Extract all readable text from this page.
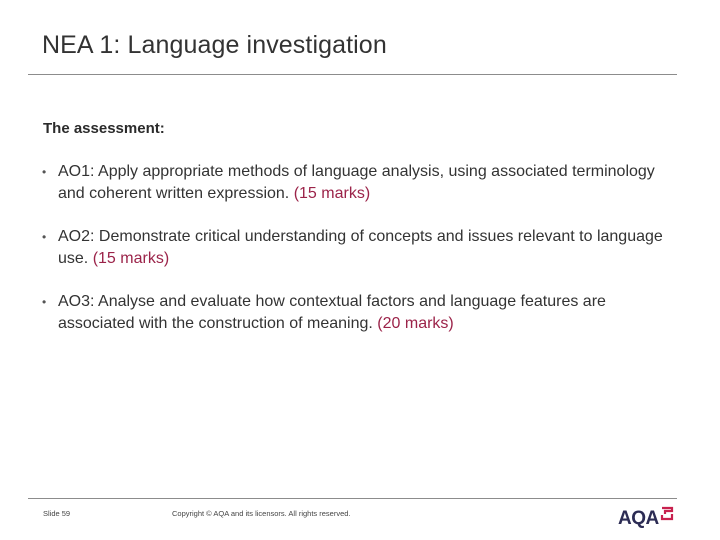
NEA 1: Language investigation
The assessment:
• AO1: Apply appropriate methods of language analysis, using associated terminology and coherent written expression. (15 marks)
• AO2: Demonstrate critical understanding of concepts and issues relevant to language use. (15 marks)
• AO3: Analyse and evaluate how contextual factors and language features are associated with the construction of meaning. (20 marks)
Slide 59	Copyright © AQA and its licensors. All rights reserved.	AQA
